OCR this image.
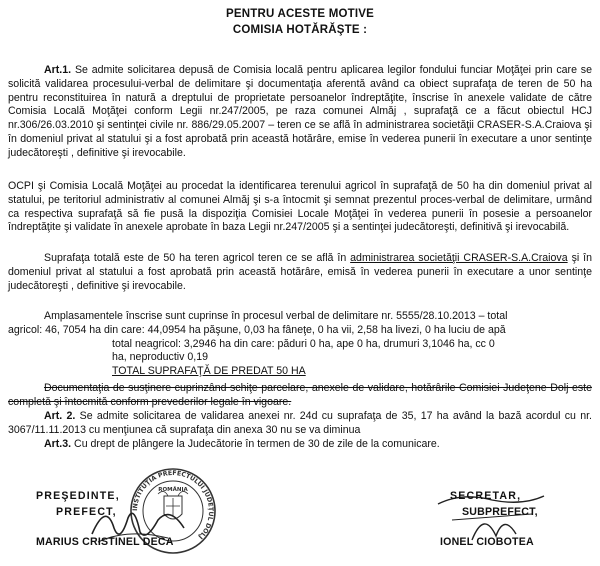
PENTRU ACESTE MOTIVE
COMISIA HOTĂRĂŞTE :
Art.1. Se admite solicitarea depusă de Comisia locală pentru aplicarea legilor fondului funciar Moţăţei prin care se solicită validarea procesului-verbal de delimitare şi documentaţia aferentă având ca obiect suprafaţa de teren de 50 ha pentru reconstituirea în natură a dreptului de proprietate persoanelor îndreptăţite, înscrise în anexele validate de către Comisia Locală Moţăţei conform Legii nr.247/2005, pe raza comunei Almăj , suprafaţă ce a făcut obiectul HCJ nr.306/26.03.2010 şi sentinţei civile nr. 886/29.05.2007 – teren ce se află în administrarea societăţii CRASER-S.A.Craiova şi în domeniul privat al statului şi a fost aprobată prin această hotărâre, emise în vederea punerii în executare a unor sentinţe judecătoreşti , definitive şi irevocabile.
OCPI şi Comisia Locală Moţăţei au procedat la identificarea terenului agricol în suprafaţă de 50 ha din domeniul privat al statului, pe teritoriul administrativ al comunei Almăj şi s-a întocmit şi semnat prezentul proces-verbal de delimitare, urmând ca respectiva suprafaţă să fie pusă la dispoziţia Comisiei Locale Moţăţei în vederea punerii în posesie a persoanelor îndreptăţite şi validate în anexele aprobate în baza Legii nr.247/2005 şi a sentinţei judecătoreşti, definitivă şi irevocabilă.
Suprafaţa totală este de 50 ha teren agricol teren ce se află în administrarea societăţii CRASER-S.A.Craiova şi în domeniul privat al statului a fost aprobată prin această hotărâre, emisă în vederea punerii în executare a unor sentinţe judecătoreşti , definitive şi irevocabile.
Amplasamentele înscrise sunt cuprinse în procesul verbal de delimitare nr. 5555/28.10.2013 – total
agricol: 46, 7054 ha din care: 44,0954 ha păşune, 0,03 ha fâneţe, 0 ha vii, 2,58 ha livezi, 0 ha luciu de apă
total neagricol: 3,2946 ha din care: păduri 0 ha, ape 0 ha, drumuri 3,1046 ha, cc 0
ha, neproductiv 0,19
TOTAL SUPRAFAŢĂ DE PREDAT 50 HA
Documentaţia de susţinere cuprinzând schiţe parcelare, anexele de validare, hotărârile Comisiei Judeţene Dolj este completă şi întocmită conform prevederilor legale în vigoare.
Art. 2. Se admite solicitarea de validarea anexei nr. 24d cu suprafaţa de 35, 17 ha având la bază acordul cu nr. 3067/11.11.2013 cu menţiunea că suprafaţa din anexa 30 nu se va diminua
Art.3. Cu drept de plângere la Judecătorie în termen de 30 de zile de la comunicare.
INSTITUŢIA PREFECTULUI JUDEŢUL DOLJ
ROMÂNIA
PREŞEDINTE,
PREFECT,
MARIUS CRISTINEL DECA
SECRETAR,
SUBPREFECT,
IONEL CIOBOTEA
